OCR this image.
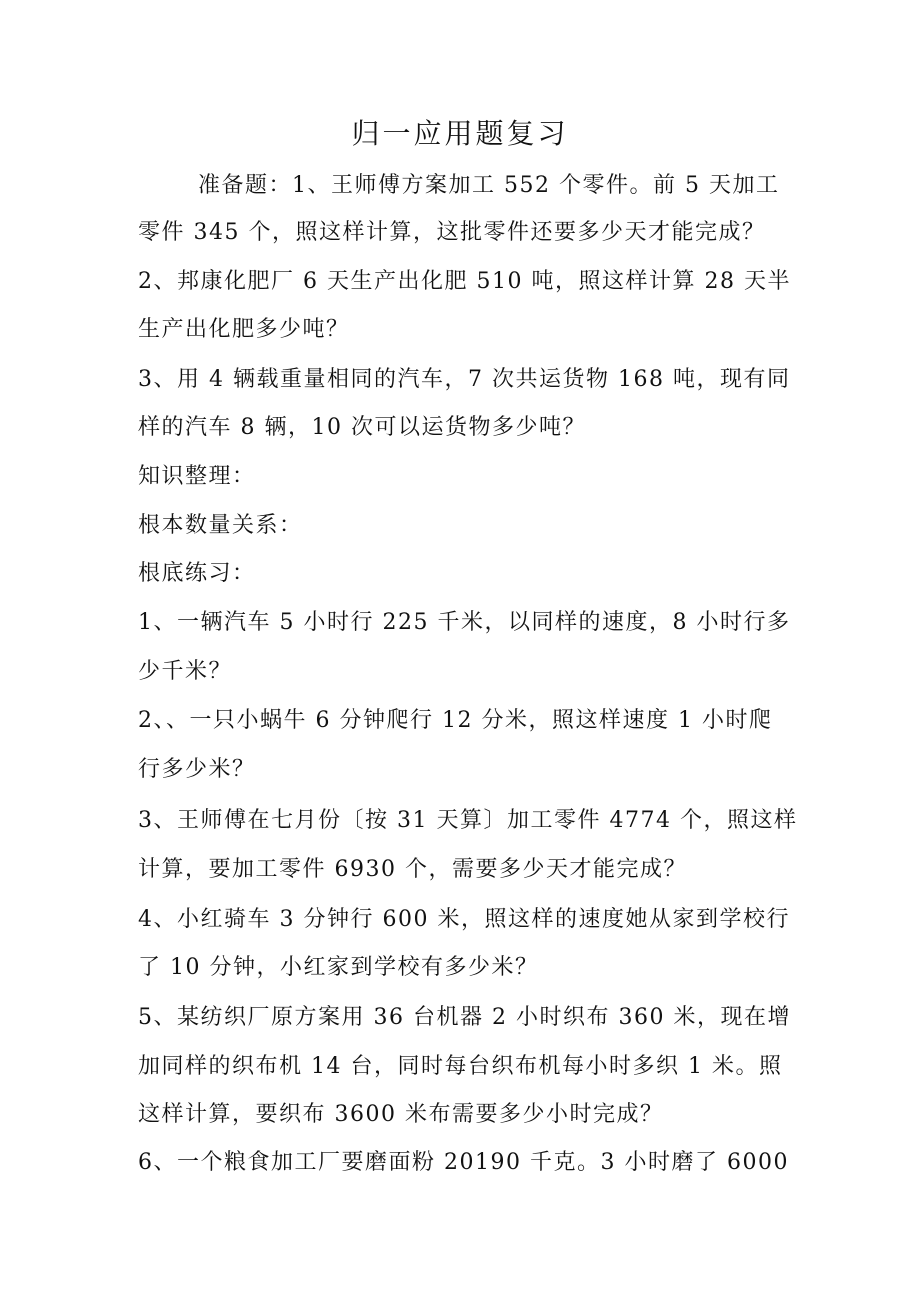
归一应用题复习
准备题：1、王师傅方案加工 552 个零件。前 5 天加工
零件 345 个，照这样计算，这批零件还要多少天才能完成？
2、邦康化肥厂 6 天生产出化肥 510 吨，照这样计算 28 天半
生产出化肥多少吨？
3、用 4 辆载重量相同的汽车，7 次共运货物 168 吨，现有同
样的汽车 8 辆，10 次可以运货物多少吨？
知识整理：
根本数量关系：
根底练习：
1、一辆汽车 5 小时行 225 千米，以同样的速度，8 小时行多
少千米？
2、、一只小蜗牛 6 分钟爬行 12 分米，照这样速度 1 小时爬
行多少米？
3、王师傅在七月份〔按 31 天算〕加工零件 4774 个，照这样
计算，要加工零件 6930 个，需要多少天才能完成？
4、小红骑车 3 分钟行 600 米，照这样的速度她从家到学校行
了 10 分钟，小红家到学校有多少米？
5、某纺织厂原方案用 36 台机器 2 小时织布 360 米，现在增
加同样的织布机 14 台，同时每台织布机每小时多织 1 米。照
这样计算，要织布 3600 米布需要多少小时完成？
6、一个粮食加工厂要磨面粉 20190 千克。3 小时磨了 6000
